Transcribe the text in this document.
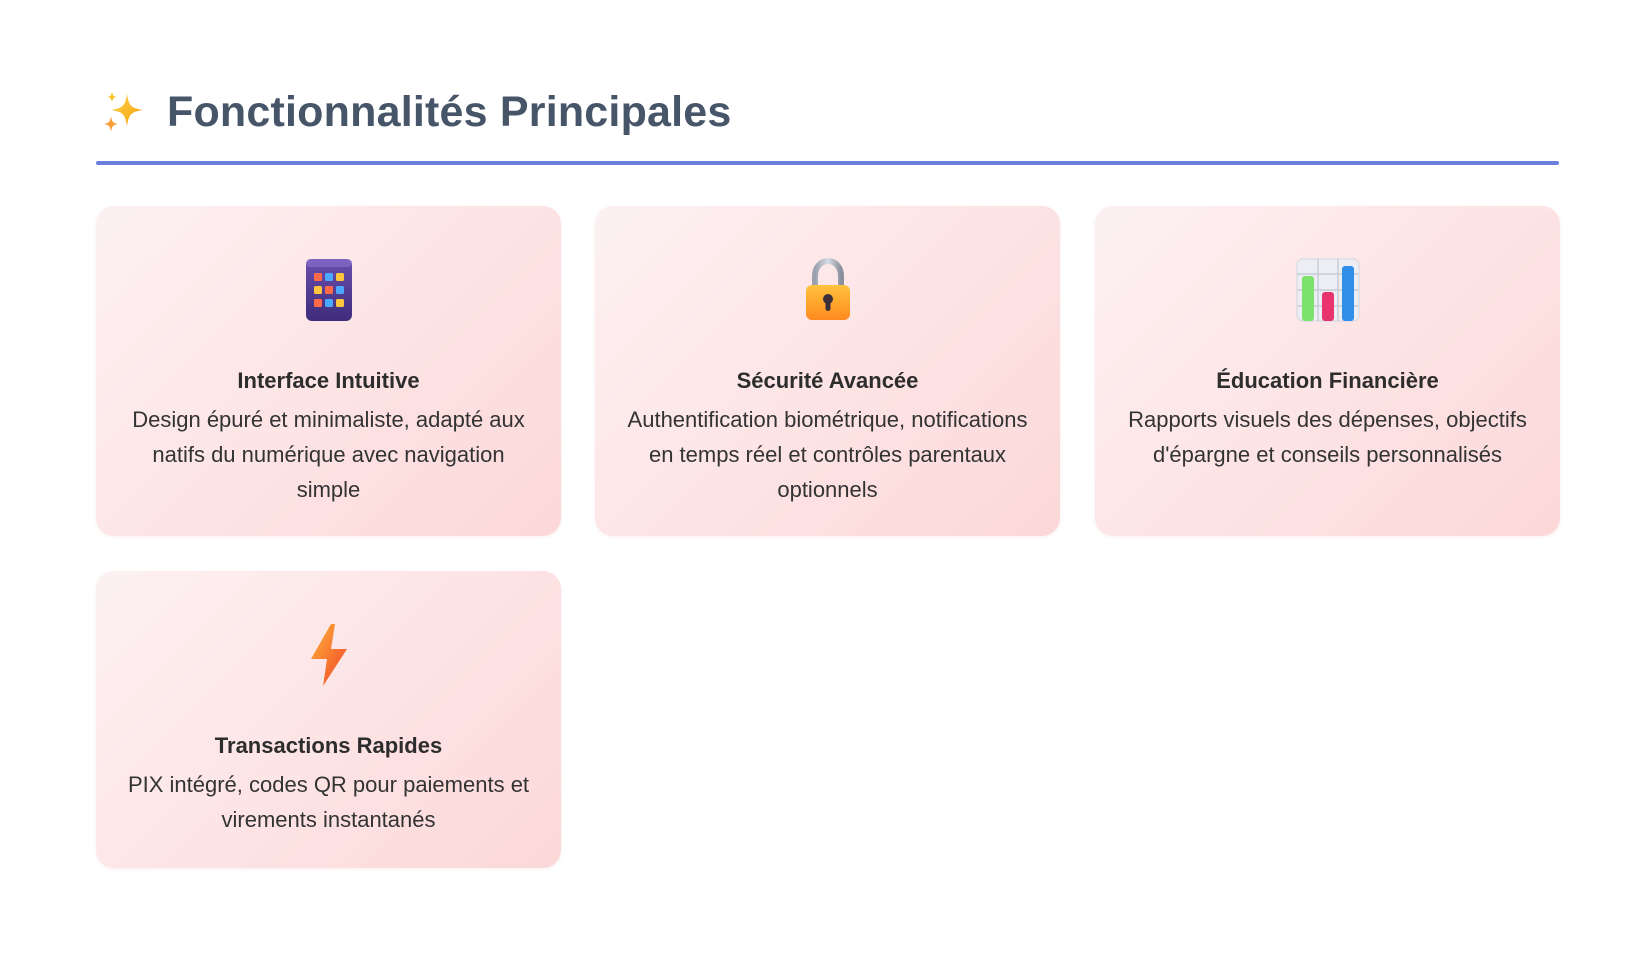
Fonctionnalités Principales
Interface Intuitive
Design épuré et minimaliste, adapté aux natifs du numérique avec navigation simple
Sécurité Avancée
Authentification biométrique, notifications en temps réel et contrôles parentaux optionnels
Éducation Financière
Rapports visuels des dépenses, objectifs d'épargne et conseils personnalisés
Transactions Rapides
PIX intégré, codes QR pour paiements et virements instantanés
